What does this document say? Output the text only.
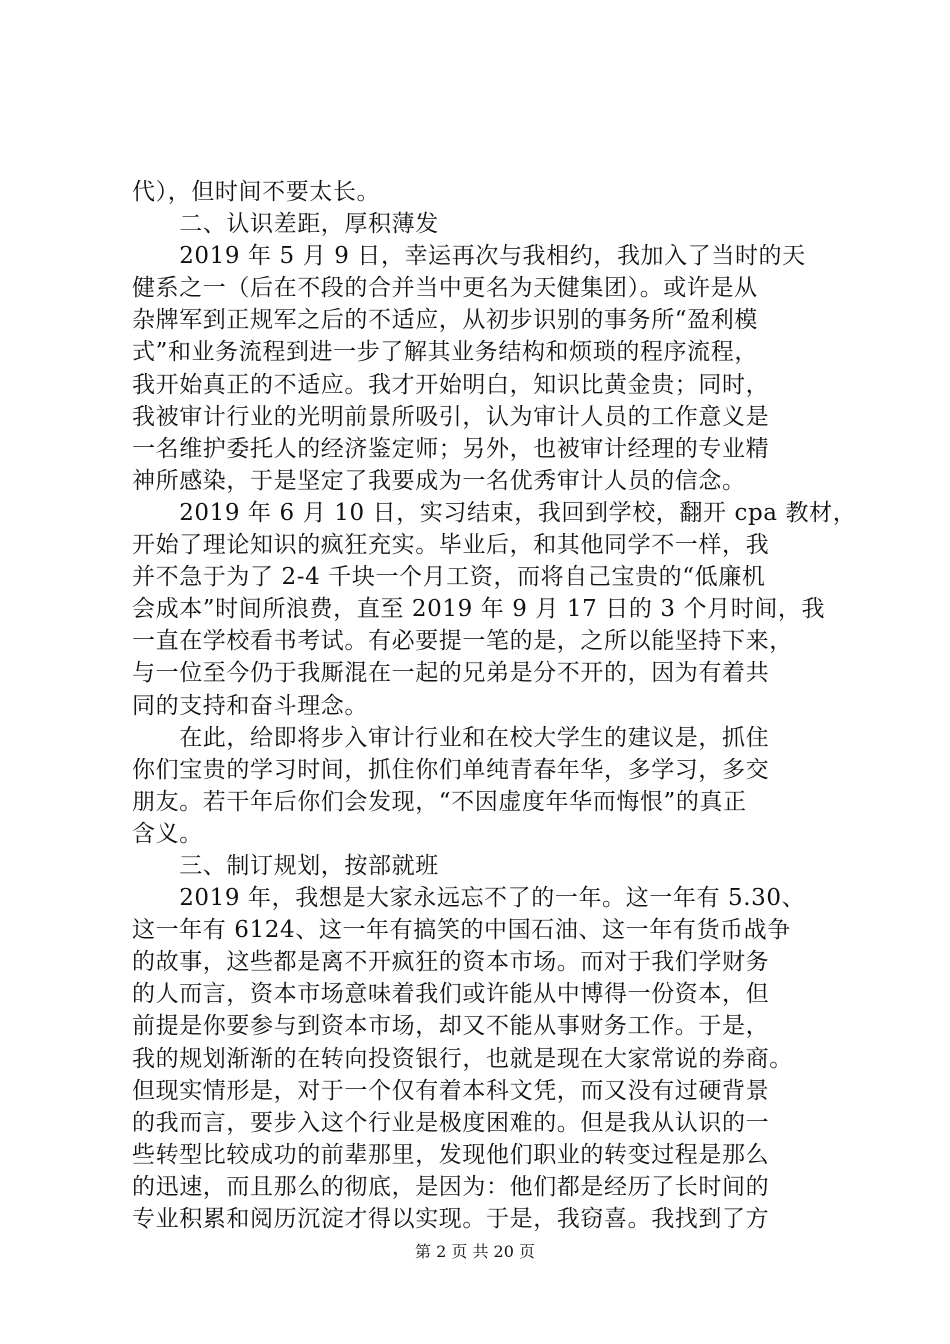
代），但时间不要太长。
　　二、认识差距，厚积薄发
　　2019 年 5 月 9 日，幸运再次与我相约，我加入了当时的天
健系之一（后在不段的合并当中更名为天健集团）。或许是从
杂牌军到正规军之后的不适应，从初步识别的事务所“盈利模
式”和业务流程到进一步了解其业务结构和烦琐的程序流程，
我开始真正的不适应。我才开始明白，知识比黄金贵；同时，
我被审计行业的光明前景所吸引，认为审计人员的工作意义是
一名维护委托人的经济鉴定师；另外，也被审计经理的专业精
神所感染，于是坚定了我要成为一名优秀审计人员的信念。
　　2019 年 6 月 10 日，实习结束，我回到学校，翻开 cpa 教材，
开始了理论知识的疯狂充实。毕业后，和其他同学不一样，我
并不急于为了 2-4 千块一个月工资，而将自己宝贵的“低廉机
会成本”时间所浪费，直至 2019 年 9 月 17 日的 3 个月时间，我
一直在学校看书考试。有必要提一笔的是，之所以能坚持下来，
与一位至今仍于我厮混在一起的兄弟是分不开的，因为有着共
同的支持和奋斗理念。
　　在此，给即将步入审计行业和在校大学生的建议是，抓住
你们宝贵的学习时间，抓住你们单纯青春年华，多学习，多交
朋友。若干年后你们会发现，“不因虚度年华而悔恨”的真正
含义。
　　三、制订规划，按部就班
　　2019 年，我想是大家永远忘不了的一年。这一年有 5.30、
这一年有 6124、这一年有搞笑的中国石油、这一年有货币战争
的故事，这些都是离不开疯狂的资本市场。而对于我们学财务
的人而言，资本市场意味着我们或许能从中博得一份资本，但
前提是你要参与到资本市场，却又不能从事财务工作。于是，
我的规划渐渐的在转向投资银行，也就是现在大家常说的券商。
但现实情形是，对于一个仅有着本科文凭，而又没有过硬背景
的我而言，要步入这个行业是极度困难的。但是我从认识的一
些转型比较成功的前辈那里，发现他们职业的转变过程是那么
的迅速，而且那么的彻底，是因为：他们都是经历了长时间的
专业积累和阅历沉淀才得以实现。于是，我窃喜。我找到了方
第 2 页 共 20 页
